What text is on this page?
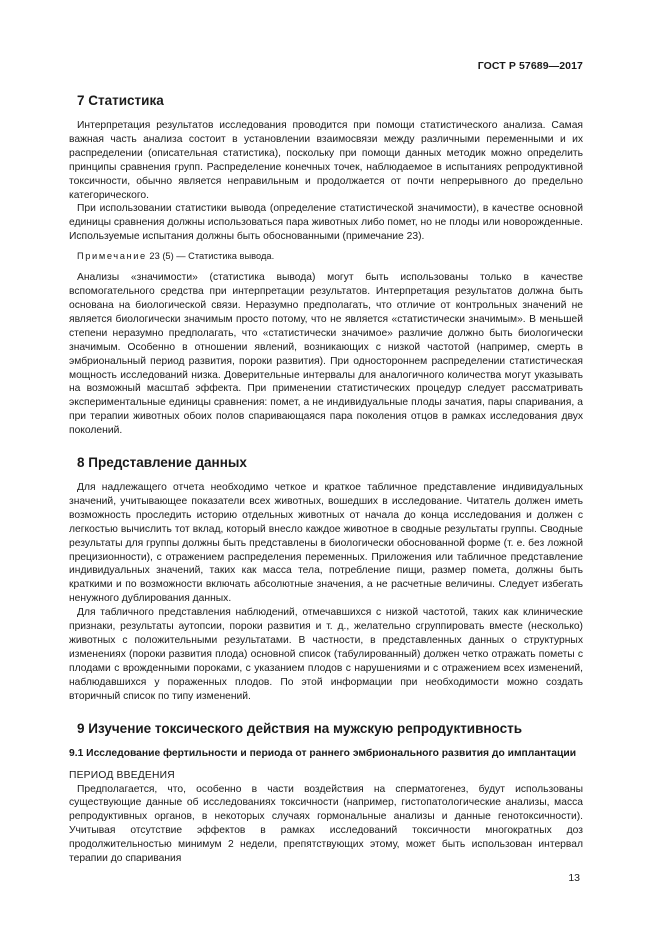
ГОСТ Р 57689—2017
7 Статистика

Интерпретация результатов исследования проводится при помощи статистического анализа. Самая важная часть анализа состоит в установлении взаимосвязи между различными переменными и их распределении (описательная статистика), поскольку при помощи данных методик можно определить принципы сравнения групп. Распределение конечных точек, наблюдаемое в испытаниях репродуктивной токсичности, обычно является неправильным и продолжается от почти непрерывного до предельно категорического.

При использовании статистики вывода (определение статистической значимости), в качестве основной единицы сравнения должны использоваться пара животных либо помет, но не плоды или новорожденные. Используемые испытания должны быть обоснованными (примечание 23).

Примечание 23 (5) — Статистика вывода.

Анализы «значимости» (статистика вывода) могут быть использованы только в качестве вспомогательного средства при интерпретации результатов. Интерпретация результатов должна быть основана на биологической связи. Неразумно предполагать, что отличие от контрольных значений не является биологически значимым просто потому, что не является «статистически значимым». В меньшей степени неразумно предполагать, что «статистически значимое» различие должно быть биологически значимым. Особенно в отношении явлений, возникающих с низкой частотой (например, смерть в эмбриональный период развития, пороки развития). При одностороннем распределении статистическая мощность исследований низка. Доверительные интервалы для аналогичного количества могут указывать на возможный масштаб эффекта. При применении статистических процедур следует рассматривать экспериментальные единицы сравнения: помет, а не индивидуальные плоды зачатия, пары спаривания, а при терапии животных обоих полов спаривающаяся пара поколения отцов в рамках исследования двух поколений.

8 Представление данных

Для надлежащего отчета необходимо четкое и краткое табличное представление индивидуальных значений, учитывающее показатели всех животных, вошедших в исследование. Читатель должен иметь возможность проследить историю отдельных животных от начала до конца исследования и должен с легкостью вычислить тот вклад, который внесло каждое животное в сводные результаты группы. Сводные результаты для группы должны быть представлены в биологически обоснованной форме (т. е. без ложной прецизионности), с отражением распределения переменных. Приложения или табличное представление индивидуальных значений, таких как масса тела, потребление пищи, размер помета, должны быть краткими и по возможности включать абсолютные значения, а не расчетные величины. Следует избегать ненужного дублирования данных.

Для табличного представления наблюдений, отмечавшихся с низкой частотой, таких как клинические признаки, результаты аутопсии, пороки развития и т. д., желательно сгруппировать вместе (несколько) животных с положительными результатами. В частности, в представленных данных о структурных изменениях (пороки развития плода) основной список (табулированный) должен четко отражать пометы с плодами с врожденными пороками, с указанием плодов с нарушениями и с отражением всех изменений, наблюдавшихся у пораженных плодов. По этой информации при необходимости можно создать вторичный список по типу изменений.

9 Изучение токсического действия на мужскую репродуктивность
9.1 Исследование фертильности и периода от раннего эмбрионального развития до имплантации
ПЕРИОД ВВЕДЕНИЯ

Предполагается, что, особенно в части воздействия на сперматогенез, будут использованы существующие данные об исследованиях токсичности (например, гистопатологические анализы, масса репродуктивных органов, в некоторых случаях гормональные анализы и данные генотоксичности). Учитывая отсутствие эффектов в рамках исследований токсичности многократных доз продолжительностью минимум 2 недели, препятствующих этому, может быть использован интервал терапии до спаривания

13
